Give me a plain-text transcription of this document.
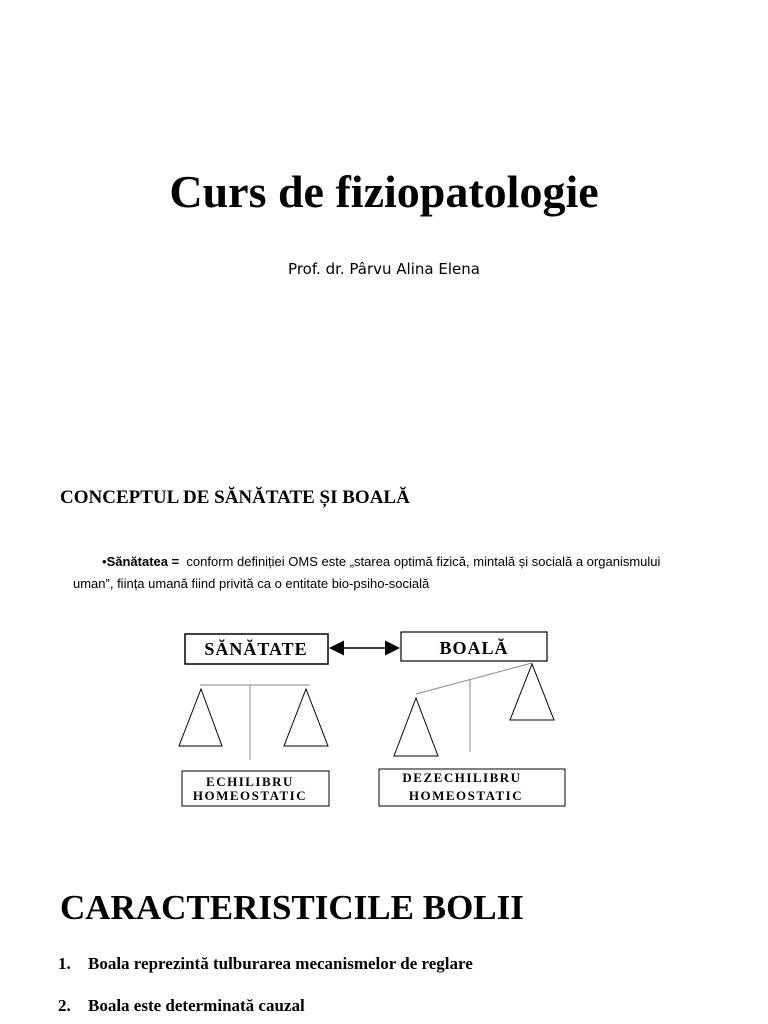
Curs de fiziopatologie
Prof. dr. Pârvu Alina Elena
CONCEPTUL DE SĂNĂTATE ȘI BOALĂ
•Sănătatea =  conform definiției OMS este „starea optimă fizică, mintală și socială a organismului
uman”, ființa umană fiind privită ca o entitate bio-psiho-socială
SĂNĂTATE	BOALĂ
ECHILIBRU
HOMEOSTATIC
DEZECHILIBRU
HOMEOSTATIC
CARACTERISTICILE BOLII
1. Boala reprezintă tulburarea mecanismelor de reglare
2. Boala este determinată cauzal
